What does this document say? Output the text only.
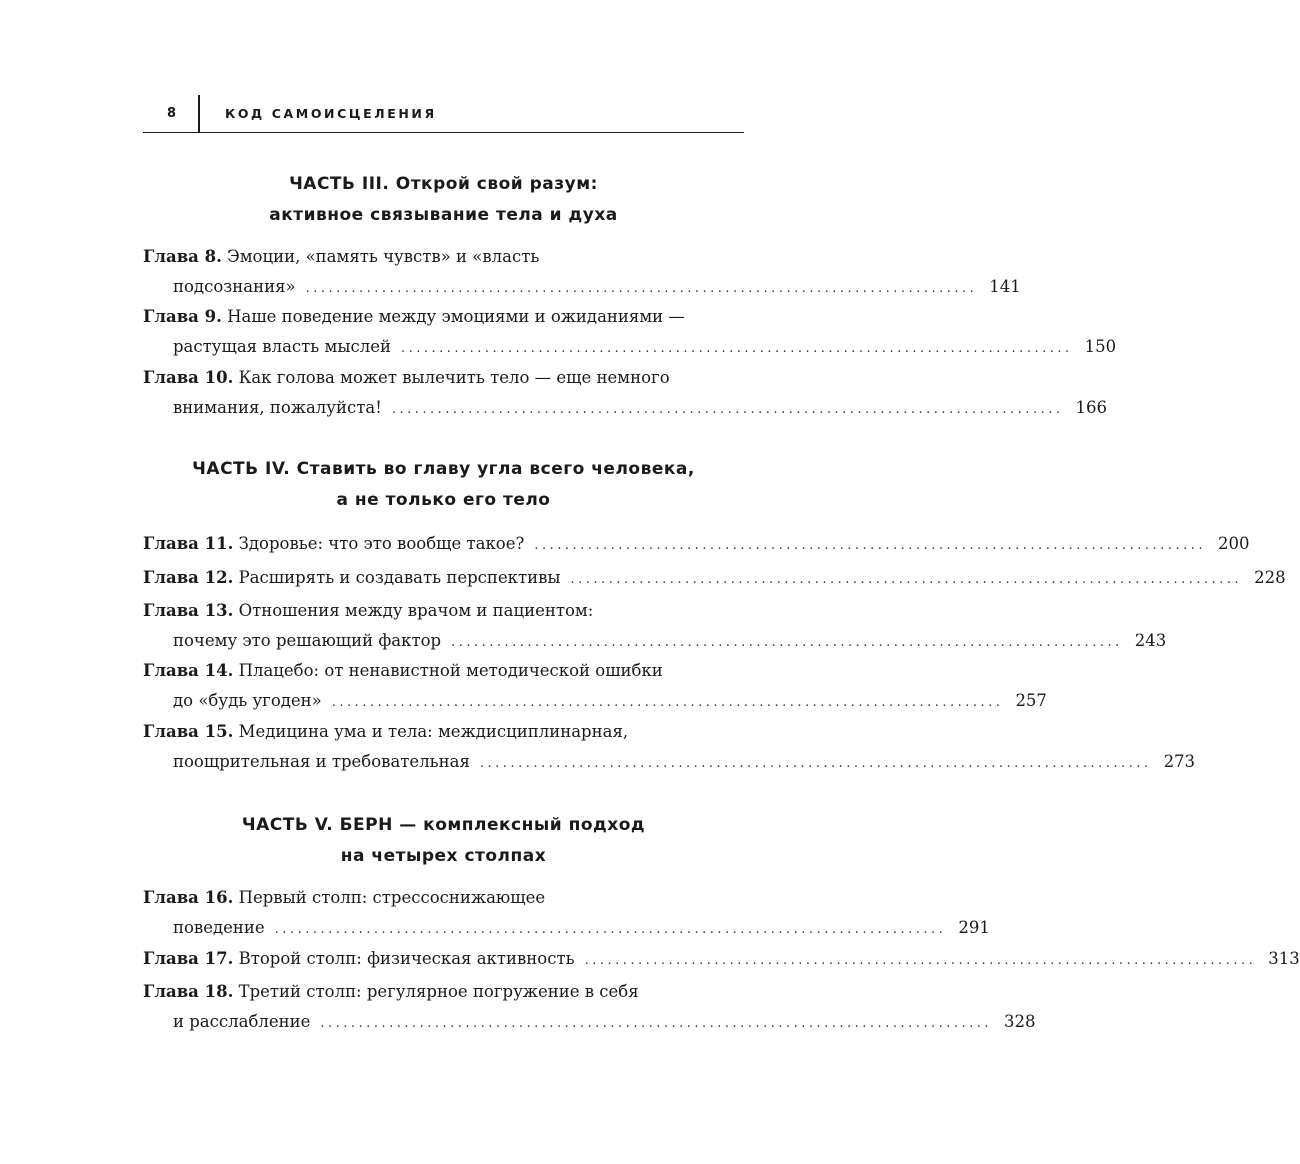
8	КОД САМОИСЦЕЛЕНИЯ
ЧАСТЬ III. Открой свой разум:
активное связывание тела и духа
Глава 8. Эмоции, «память чувств» и «власть
подсознания» ........................................................................................ 141
Глава 9. Наше поведение между эмоциями и ожиданиями —
растущая власть мыслей ........................................................................................ 150
Глава 10. Как голова может вылечить тело — еще немного
внимания, пожалуйста! ........................................................................................ 166
ЧАСТЬ IV. Ставить во главу угла всего человека,
а не только его тело
Глава 11.
Здоровье: что это вообще такое? ........................................................................................ 200
Глава 12.
Расширять и создавать перспективы ........................................................................................ 228
Глава 13. Отношения между врачом и пациентом:
почему это решающий фактор ........................................................................................ 243
Глава 14. Плацебо: от ненавистной методической ошибки
до «будь угоден» ........................................................................................ 257
Глава 15. Медицина ума и тела: междисциплинарная,
поощрительная и требовательная ........................................................................................ 273
ЧАСТЬ V. БЕРН — комплексный подход
на четырех столпах
Глава 16. Первый столп: стрессоснижающее
поведение ........................................................................................ 291
Глава 17.
Второй столп: физическая активность ........................................................................................ 313
Глава 18. Третий столп: регулярное погружение в себя
и расслабление ........................................................................................ 328
